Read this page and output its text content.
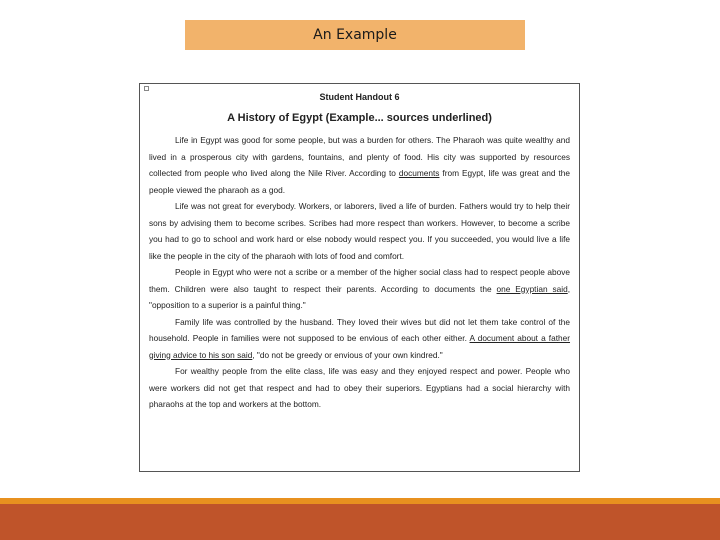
An Example
Student Handout 6
A History of Egypt (Example... sources underlined)

Life in Egypt was good for some people, but was a burden for others. The Pharaoh was quite wealthy and lived in a prosperous city with gardens, fountains, and plenty of food. His city was supported by resources collected from people who lived along the Nile River. According to documents from Egypt, life was great and the people viewed the pharaoh as a god.

Life was not great for everybody. Workers, or laborers, lived a life of burden. Fathers would try to help their sons by advising them to become scribes. Scribes had more respect than workers. However, to become a scribe you had to go to school and work hard or else nobody would respect you. If you succeeded, you would live a life like the people in the city of the pharaoh with lots of food and comfort.

People in Egypt who were not a scribe or a member of the higher social class had to respect people above them. Children were also taught to respect their parents. According to documents the one Egyptian said, "opposition to a superior is a painful thing."

Family life was controlled by the husband. They loved their wives but did not let them take control of the household. People in families were not supposed to be envious of each other either. A document about a father giving advice to his son said, "do not be greedy or envious of your own kindred."

For wealthy people from the elite class, life was easy and they enjoyed respect and power. People who were workers did not get that respect and had to obey their superiors. Egyptians had a social hierarchy with pharaohs at the top and workers at the bottom.
